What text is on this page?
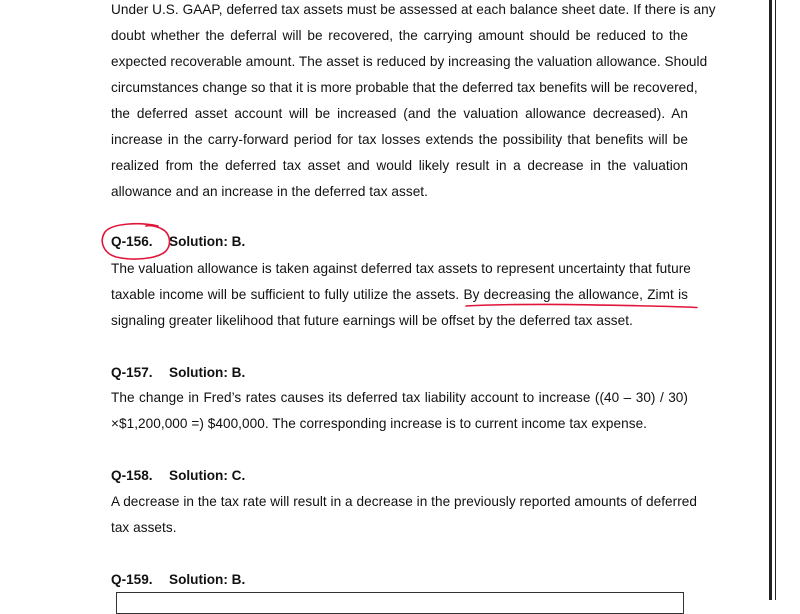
Under U.S. GAAP, deferred tax assets must be assessed at each balance sheet date. If there is any
doubt whether the deferral will be recovered, the carrying amount should be reduced to the
expected recoverable amount. The asset is reduced by increasing the valuation allowance. Should
circumstances change so that it is more probable that the deferred tax benefits will be recovered,
the deferred asset account will be increased (and the valuation allowance decreased). An
increase in the carry-forward period for tax losses extends the possibility that benefits will be
realized from the deferred tax asset and would likely result in a decrease in the valuation
allowance and an increase in the deferred tax asset.
Q-156. Solution: B.
The valuation allowance is taken against deferred tax assets to represent uncertainty that future
taxable income will be sufficient to fully utilize the assets. By decreasing the allowance, Zimt is
signaling greater likelihood that future earnings will be offset by the deferred tax asset.
Q-157. Solution: B.
The change in Fred’s rates causes its deferred tax liability account to increase ((40 – 30) / 30)
×$1,200,000 =) $400,000. The corresponding increase is to current income tax expense.
Q-158. Solution: C.
A decrease in the tax rate will result in a decrease in the previously reported amounts of deferred
tax assets.
Q-159. Solution: B.
